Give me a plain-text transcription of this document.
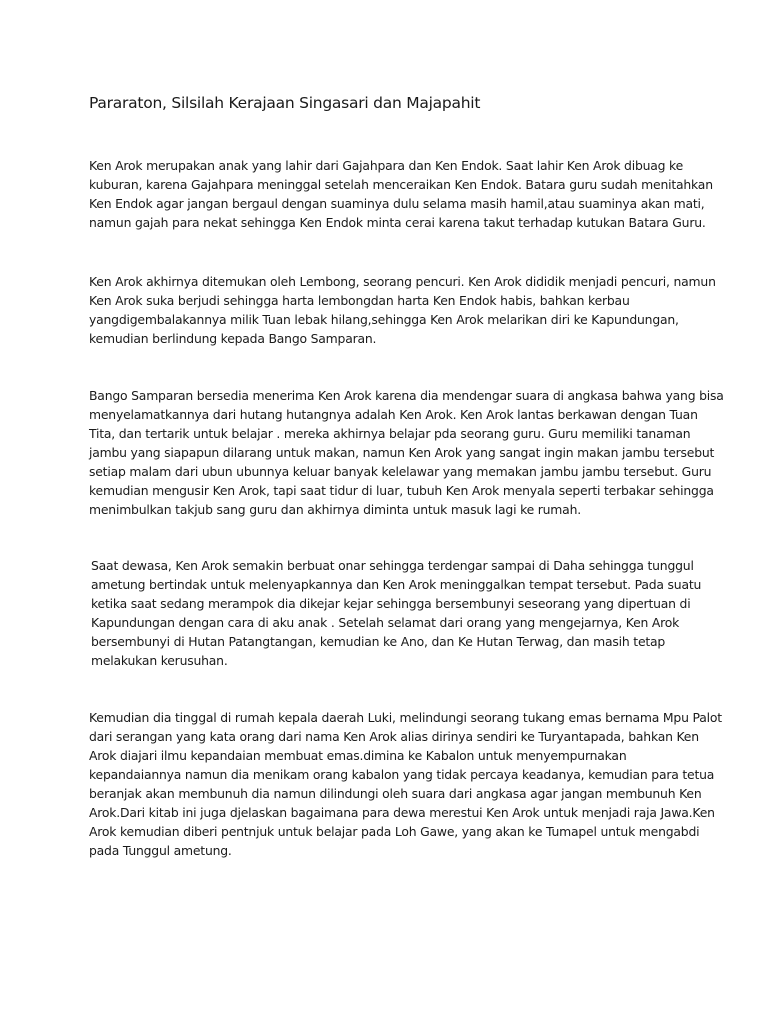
Pararaton, Silsilah Kerajaan Singasari dan Majapahit

Ken Arok merupakan anak yang lahir dari Gajahpara dan Ken Endok. Saat lahir Ken Arok dibuag ke
kuburan, karena Gajahpara meninggal setelah menceraikan Ken Endok. Batara guru sudah menitahkan
Ken Endok agar jangan bergaul dengan suaminya dulu selama masih hamil,atau suaminya akan mati,
namun gajah para nekat sehingga Ken Endok minta cerai karena takut terhadap kutukan Batara Guru.

Ken Arok akhirnya ditemukan oleh Lembong, seorang pencuri. Ken Arok dididik menjadi pencuri, namun
Ken Arok suka berjudi sehingga harta lembongdan harta Ken Endok habis, bahkan kerbau
yangdigembalakannya milik Tuan lebak hilang,sehingga Ken Arok melarikan diri ke Kapundungan,
kemudian berlindung kepada Bango Samparan.

Bango Samparan bersedia menerima Ken Arok karena dia mendengar suara di angkasa bahwa yang bisa
menyelamatkannya dari hutang hutangnya adalah Ken Arok. Ken Arok lantas berkawan dengan Tuan
Tita, dan tertarik untuk belajar . mereka akhirnya belajar pda seorang guru. Guru memiliki tanaman
jambu yang siapapun dilarang untuk makan, namun Ken Arok yang sangat ingin makan jambu tersebut
setiap malam dari ubun ubunnya keluar banyak kelelawar yang memakan jambu jambu tersebut. Guru
kemudian mengusir Ken Arok, tapi saat tidur di luar, tubuh Ken Arok menyala seperti terbakar sehingga
menimbulkan takjub sang guru dan akhirnya diminta untuk masuk lagi ke rumah.

Saat dewasa, Ken Arok semakin berbuat onar sehingga terdengar sampai di Daha sehingga tunggul
ametung bertindak untuk melenyapkannya dan Ken Arok meninggalkan tempat tersebut. Pada suatu
ketika saat sedang merampok dia dikejar kejar sehingga bersembunyi seseorang yang dipertuan di
Kapundungan dengan cara di aku anak . Setelah selamat dari orang yang mengejarnya, Ken Arok
bersembunyi di Hutan Patangtangan, kemudian ke Ano, dan Ke Hutan Terwag, dan masih tetap
melakukan kerusuhan.

Kemudian dia tinggal di rumah kepala daerah Luki, melindungi seorang tukang emas bernama Mpu Palot
dari serangan yang kata orang dari nama Ken Arok alias dirinya sendiri ke Turyantapada, bahkan Ken
Arok diajari ilmu kepandaian membuat emas.dimina ke Kabalon untuk menyempurnakan
kepandaiannya namun dia menikam orang kabalon yang tidak percaya keadanya, kemudian para tetua
beranjak akan membunuh dia namun dilindungi oleh suara dari angkasa agar jangan membunuh Ken
Arok.Dari kitab ini juga djelaskan bagaimana para dewa merestui Ken Arok untuk menjadi raja Jawa.Ken
Arok kemudian diberi pentnjuk untuk belajar pada Loh Gawe, yang akan ke Tumapel untuk mengabdi
pada Tunggul ametung.
